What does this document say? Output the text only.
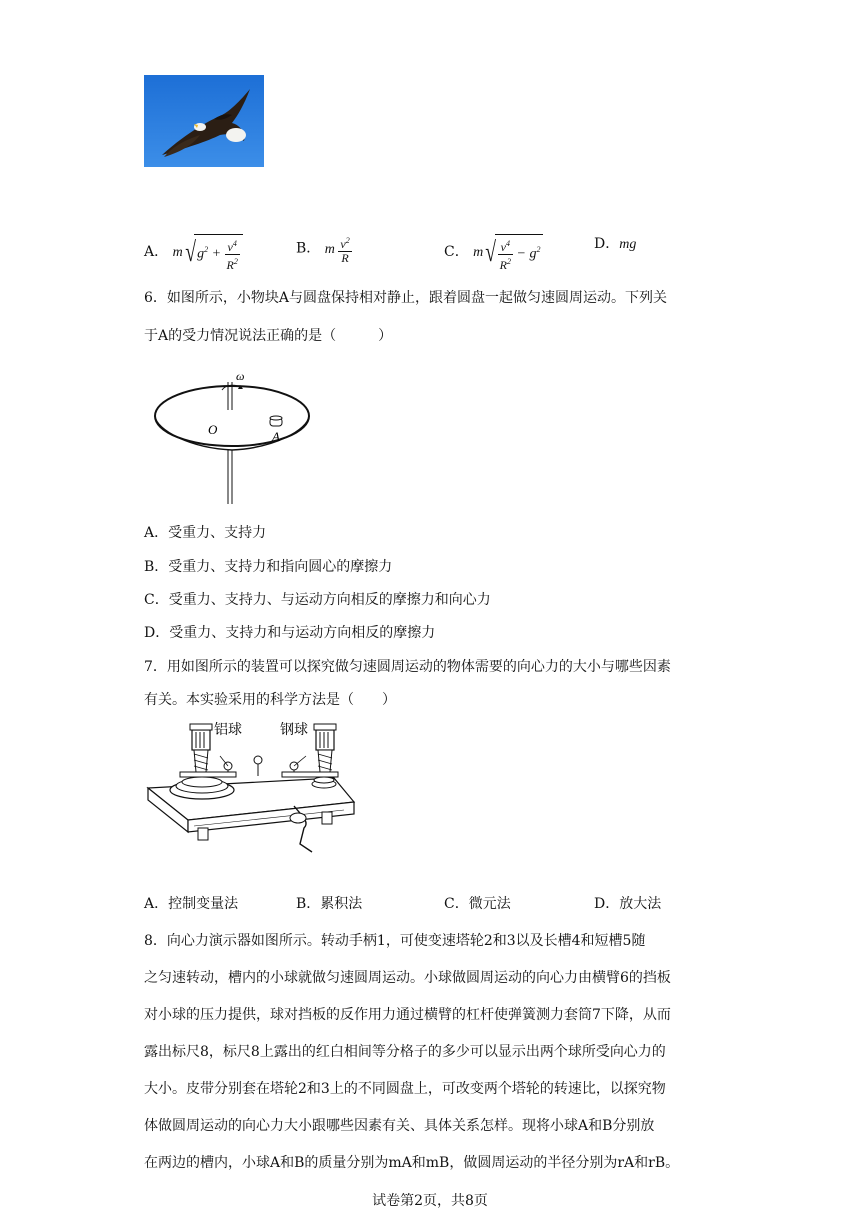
A． $m√g^2 + \frac{v^4}{R^2}$	B． m $\frac{v^2}{R}$	C． $m√ \frac{v^4}{R^2} - g^2$	D．mg
6．如图所示，小物块A与圆盘保持相对静止，跟着圆盘一起做匀速圆周运动。下列关
于A的受力情况说法正确的是（　　　）
ω
O	A
A．受重力、支持力
B．受重力、支持力和指向圆心的摩擦力
C．受重力、支持力、与运动方向相反的摩擦力和向心力
D．受重力、支持力和与运动方向相反的摩擦力
7．用如图所示的装置可以探究做匀速圆周运动的物体需要的向心力的大小与哪些因素
有关。本实验采用的科学方法是（　　）
铝球	钢球
A．控制变量法	B．累积法	C．微元法	D．放大法
8．向心力演示器如图所示。转动手柄1，可使变速塔轮2和3以及长槽4和短槽5随
之匀速转动，槽内的小球就做匀速圆周运动。小球做圆周运动的向心力由横臂6的挡板
对小球的压力提供，球对挡板的反作用力通过横臂的杠杆使弹簧测力套筒7下降，从而
露出标尺8，标尺8上露出的红白相间等分格子的多少可以显示出两个球所受向心力的
大小。皮带分别套在塔轮2和3上的不同圆盘上，可改变两个塔轮的转速比，以探究物
体做圆周运动的向心力大小跟哪些因素有关、具体关系怎样。现将小球A和B分别放
在两边的槽内，小球A和B的质量分别为mA和mB，做圆周运动的半径分别为rA和rB。
试卷第2页，共8页
